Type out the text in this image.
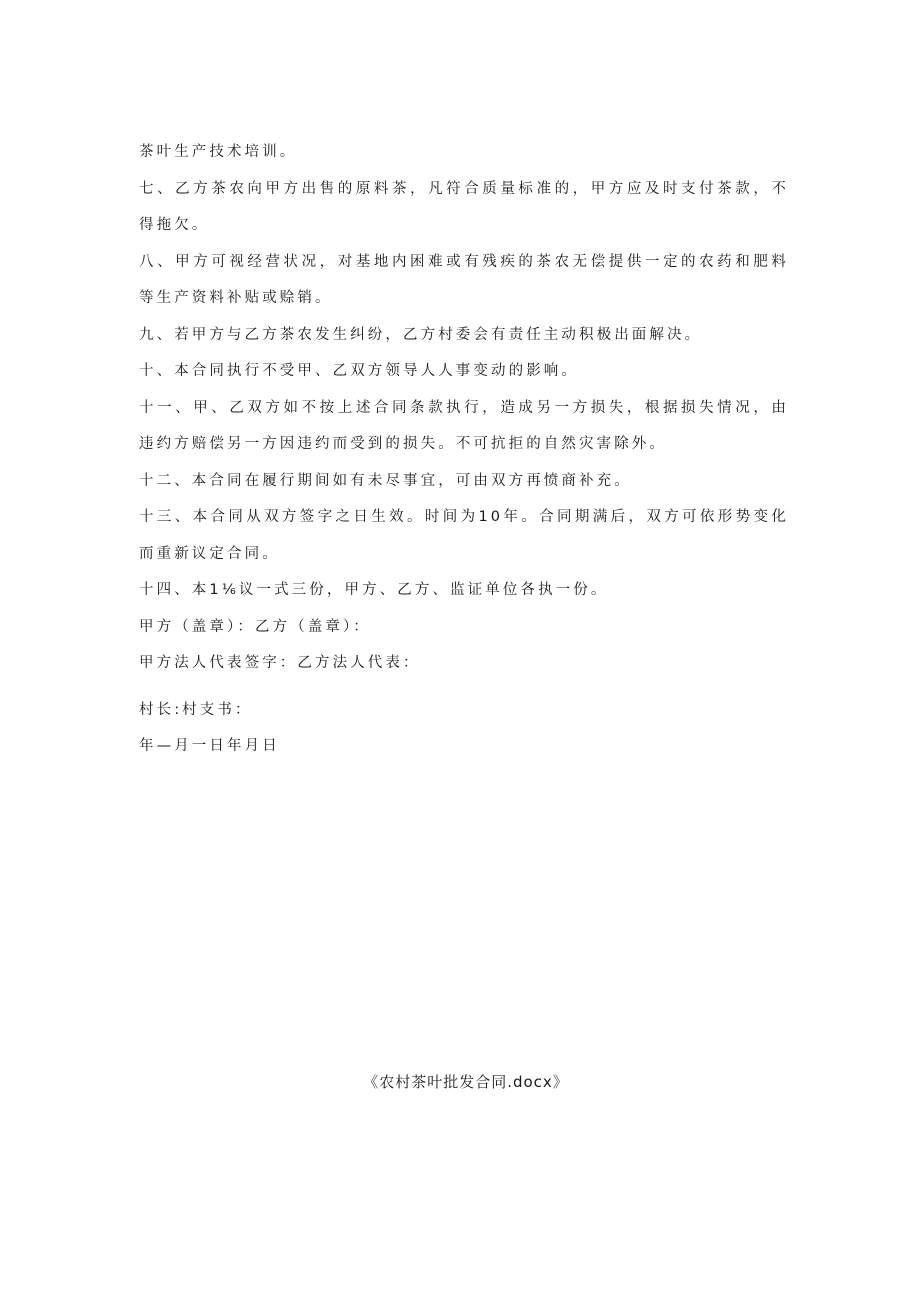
茶叶生产技术培训。

七、乙方茶农向甲方出售的原料茶，凡符合质量标准的，甲方应及时支付茶款，不得拖欠。

八、甲方可视经营状况，对基地内困难或有残疾的茶农无偿提供一定的农药和肥料等生产资料补贴或赊销。

九、若甲方与乙方茶农发生纠纷，乙方村委会有责任主动积极出面解决。

十、本合同执行不受甲、乙双方领导人人事变动的影响。

十一、甲、乙双方如不按上述合同条款执行，造成另一方损失，根据损失情况，由违约方赔偿另一方因违约而受到的损失。不可抗拒的自然灾害除外。

十二、本合同在履行期间如有未尽事宜，可由双方再愤商补充。

十三、本合同从双方签字之日生效。时间为10年。合同期满后，双方可依形势变化而重新议定合同。

十四、本1⅙议一式三份，甲方、乙方、监证单位各执一份。

甲方（盖章）：乙方（盖章）：

甲方法人代表签字：乙方法人代表：

村长:村支书：

年—月一日年月日

《农村茶叶批发合同.docx》
